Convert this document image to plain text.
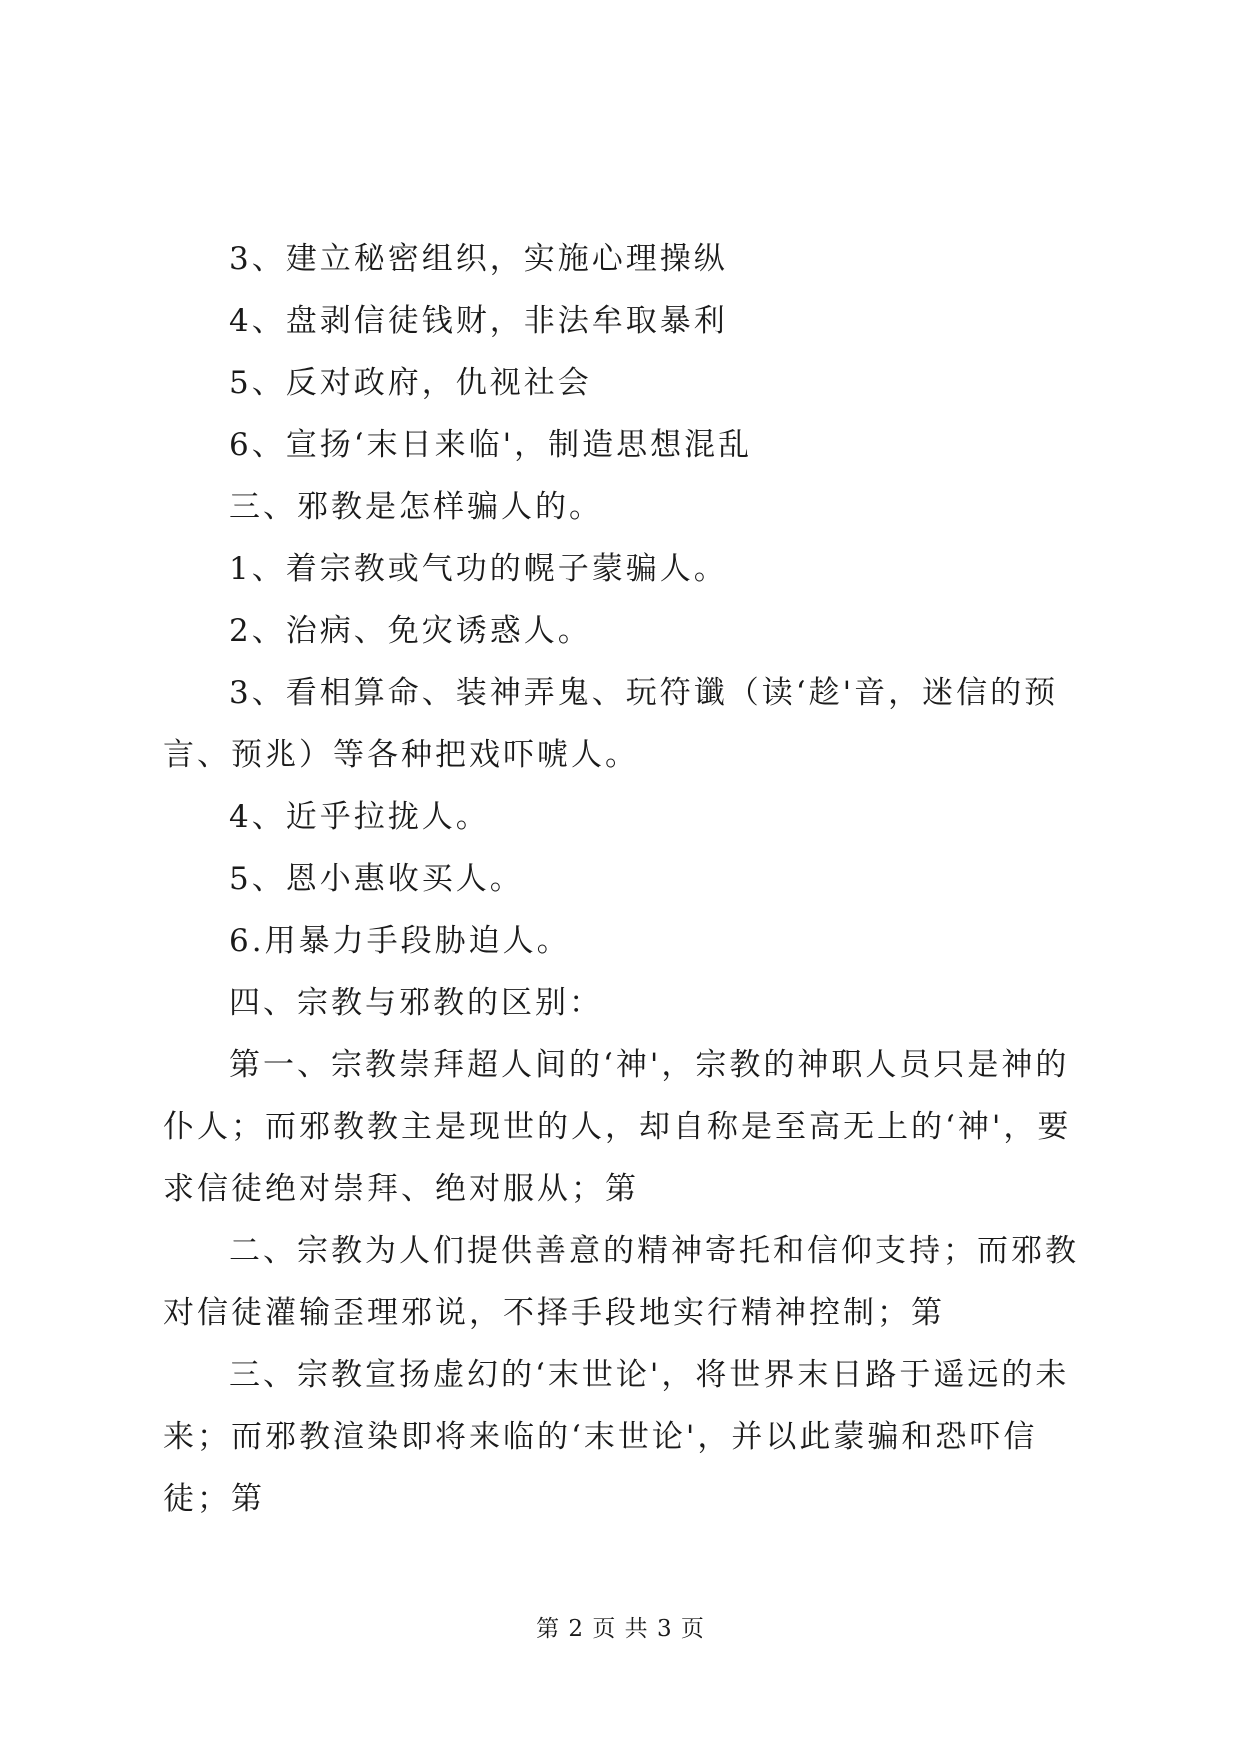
3、建立秘密组织，实施心理操纵

4、盘剥信徒钱财，非法牟取暴利

5、反对政府，仇视社会

6、宣扬‘末日来临'，制造思想混乱

三、邪教是怎样骗人的。

1、着宗教或气功的幌子蒙骗人。

2、治病、免灾诱惑人。

3、看相算命、装神弄鬼、玩符谶（读‘趁'音，迷信的预言、预兆）等各种把戏吓唬人。

4、近乎拉拢人。

5、恩小惠收买人。

6.用暴力手段胁迫人。

四、宗教与邪教的区别：

第一、宗教崇拜超人间的‘神'，宗教的神职人员只是神的仆人；而邪教教主是现世的人，却自称是至高无上的‘神'，要求信徒绝对崇拜、绝对服从；第

二、宗教为人们提供善意的精神寄托和信仰支持；而邪教对信徒灌输歪理邪说，不择手段地实行精神控制；第

三、宗教宣扬虚幻的‘末世论'，将世界末日路于遥远的未来；而邪教渲染即将来临的‘末世论'，并以此蒙骗和恐吓信徒；第

第 2 页 共 3 页
